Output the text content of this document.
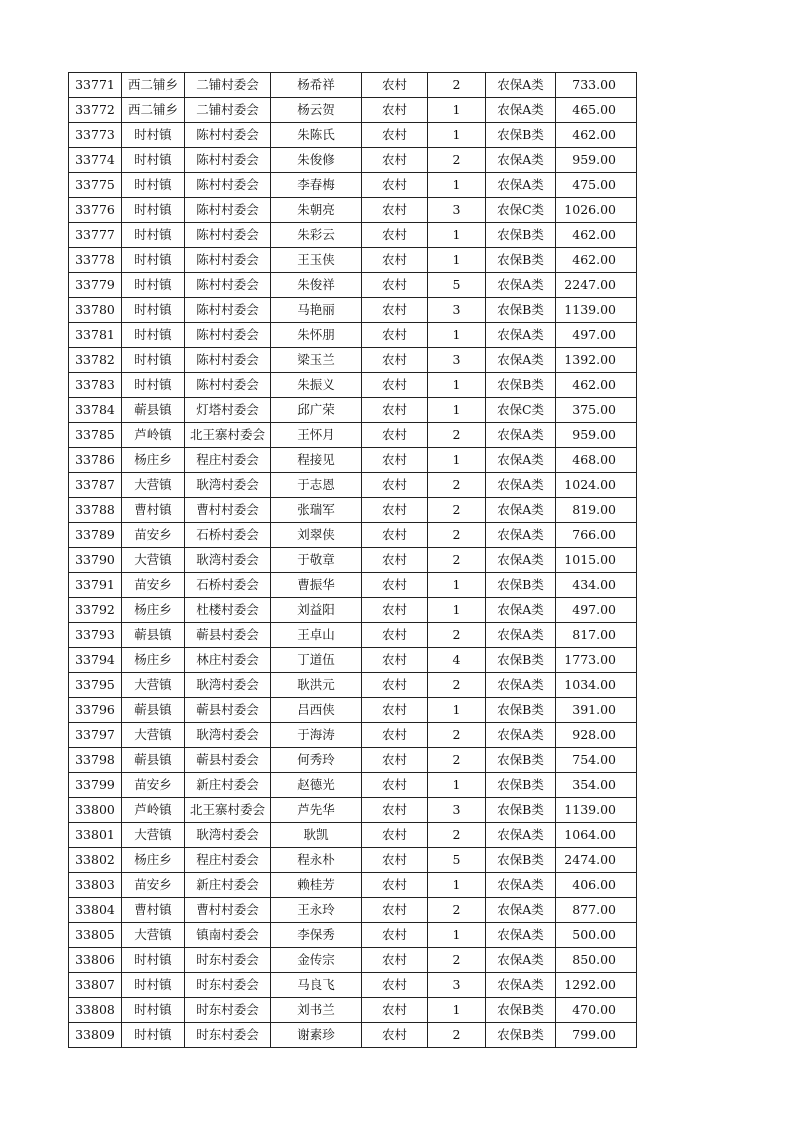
33771	西二铺乡	二铺村委会	杨希祥	农村	2	农保A类	733.00
33772	西二铺乡	二铺村委会	杨云贺	农村	1	农保A类	465.00
33773	时村镇	陈村村委会	朱陈氏	农村	1	农保B类	462.00
33774	时村镇	陈村村委会	朱俊修	农村	2	农保A类	959.00
33775	时村镇	陈村村委会	李春梅	农村	1	农保A类	475.00
33776	时村镇	陈村村委会	朱朝亮	农村	3	农保C类	1026.00
33777	时村镇	陈村村委会	朱彩云	农村	1	农保B类	462.00
33778	时村镇	陈村村委会	王玉侠	农村	1	农保B类	462.00
33779	时村镇	陈村村委会	朱俊祥	农村	5	农保A类	2247.00
33780	时村镇	陈村村委会	马艳丽	农村	3	农保B类	1139.00
33781	时村镇	陈村村委会	朱怀朋	农村	1	农保A类	497.00
33782	时村镇	陈村村委会	梁玉兰	农村	3	农保A类	1392.00
33783	时村镇	陈村村委会	朱振义	农村	1	农保B类	462.00
33784	蕲县镇	灯塔村委会	邱广荣	农村	1	农保C类	375.00
33785	芦岭镇	北王寨村委会	王怀月	农村	2	农保A类	959.00
33786	杨庄乡	程庄村委会	程接见	农村	1	农保A类	468.00
33787	大营镇	耿湾村委会	于志恩	农村	2	农保A类	1024.00
33788	曹村镇	曹村村委会	张瑞军	农村	2	农保A类	819.00
33789	苗安乡	石桥村委会	刘翠侠	农村	2	农保A类	766.00
33790	大营镇	耿湾村委会	于敬章	农村	2	农保A类	1015.00
33791	苗安乡	石桥村委会	曹振华	农村	1	农保B类	434.00
33792	杨庄乡	杜楼村委会	刘益阳	农村	1	农保A类	497.00
33793	蕲县镇	蕲县村委会	王卓山	农村	2	农保A类	817.00
33794	杨庄乡	林庄村委会	丁道伍	农村	4	农保B类	1773.00
33795	大营镇	耿湾村委会	耿洪元	农村	2	农保A类	1034.00
33796	蕲县镇	蕲县村委会	吕西侠	农村	1	农保B类	391.00
33797	大营镇	耿湾村委会	于海涛	农村	2	农保A类	928.00
33798	蕲县镇	蕲县村委会	何秀玲	农村	2	农保B类	754.00
33799	苗安乡	新庄村委会	赵德光	农村	1	农保B类	354.00
33800	芦岭镇	北王寨村委会	芦先华	农村	3	农保B类	1139.00
33801	大营镇	耿湾村委会	耿凯	农村	2	农保A类	1064.00
33802	杨庄乡	程庄村委会	程永朴	农村	5	农保B类	2474.00
33803	苗安乡	新庄村委会	赖桂芳	农村	1	农保A类	406.00
33804	曹村镇	曹村村委会	王永玲	农村	2	农保A类	877.00
33805	大营镇	镇南村委会	李保秀	农村	1	农保A类	500.00
33806	时村镇	时东村委会	金传宗	农村	2	农保A类	850.00
33807	时村镇	时东村委会	马良飞	农村	3	农保A类	1292.00
33808	时村镇	时东村委会	刘书兰	农村	1	农保B类	470.00
33809	时村镇	时东村委会	谢素珍	农村	2	农保B类	799.00
